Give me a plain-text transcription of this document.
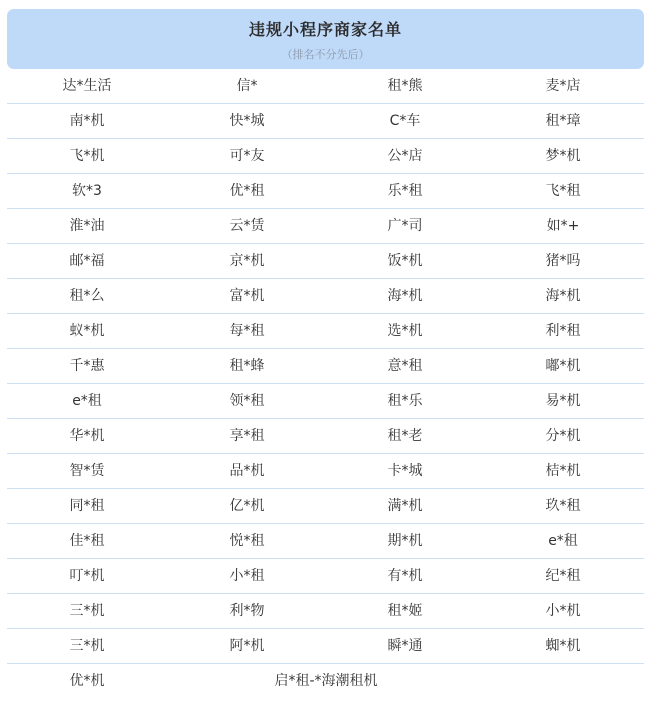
违规小程序商家名单
（排名不分先后）
达*生活	信*	租*熊	麦*店
南*机	快*城	C*车	租*璋
飞*机	可*友	公*店	梦*机
软*3	优*租	乐*租	飞*租
淮*油	云*赁	广*司	如*+
邮*福	京*机	饭*机	猪*吗
租*么	富*机	海*机	海*机
蚁*机	每*租	选*机	利*租
千*惠	租*蜂	意*租	嘟*机
e*租	领*租	租*乐	易*机
华*机	享*租	租*老	分*机
智*赁	品*机	卡*城	桔*机
同*租	亿*机	满*机	玖*租
佳*租	悦*租	期*机	e*租
叮*机	小*租	有*机	纪*租
三*机	利*物	租*姬	小*机
三*机	阿*机	瞬*通	蜘*机
优*机	启*租-*海潮租机
